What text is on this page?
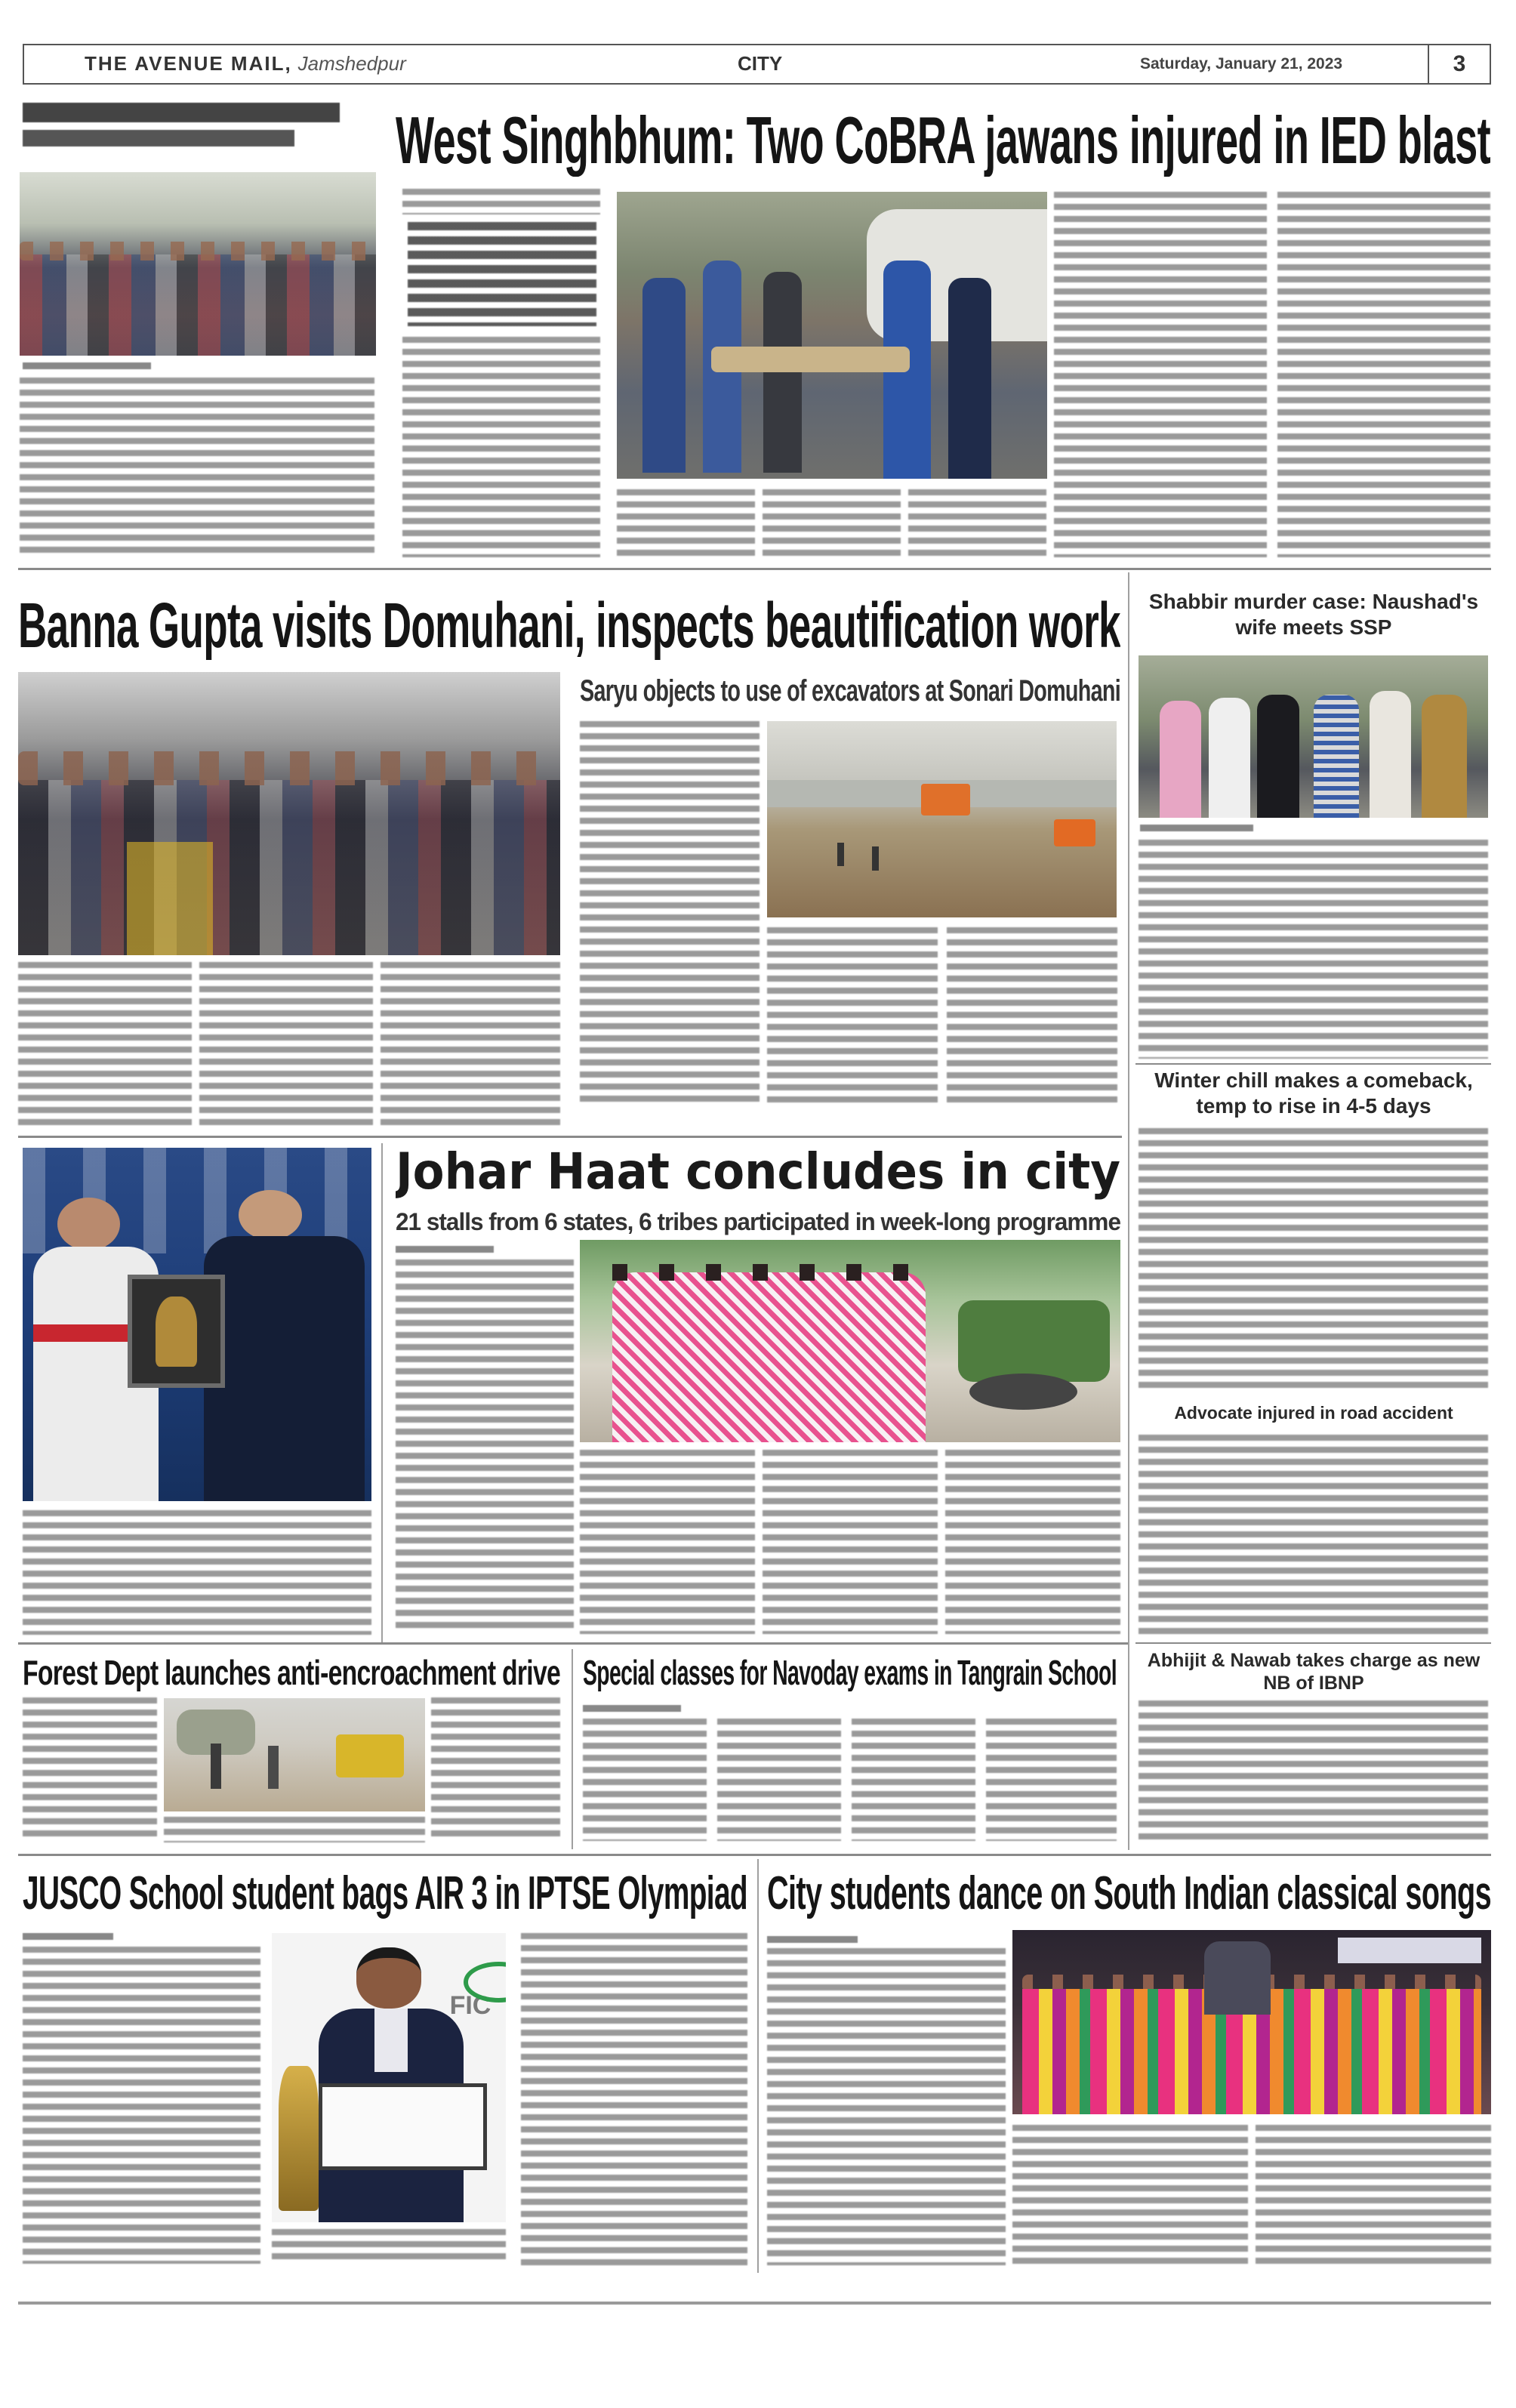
THE AVENUE MAIL, Jamshedpur	CITY	Saturday, January 21, 2023	3
West Singhbhum: Two CoBRA jawans injured in IED blast
Banna Gupta visits Domuhani, inspects beautification work
Saryu objects to use of excavators at Sonari Domuhani
Shabbir murder case: Naushad's wife meets SSP
Winter chill makes a comeback, temp to rise in 4-5 days
Advocate injured in road accident
Johar Haat concludes in city
21 stalls from 6 states, 6 tribes participated in week-long programme
Forest Dept launches anti-encroachment drive Special classes for Navoday exams in Tangrain School	Abhijit & Nawab takes charge as new NB of IBNP
JUSCO School student bags AIR 3 in IPTSE Olympiad
FIC
City students dance on South Indian classical songs
